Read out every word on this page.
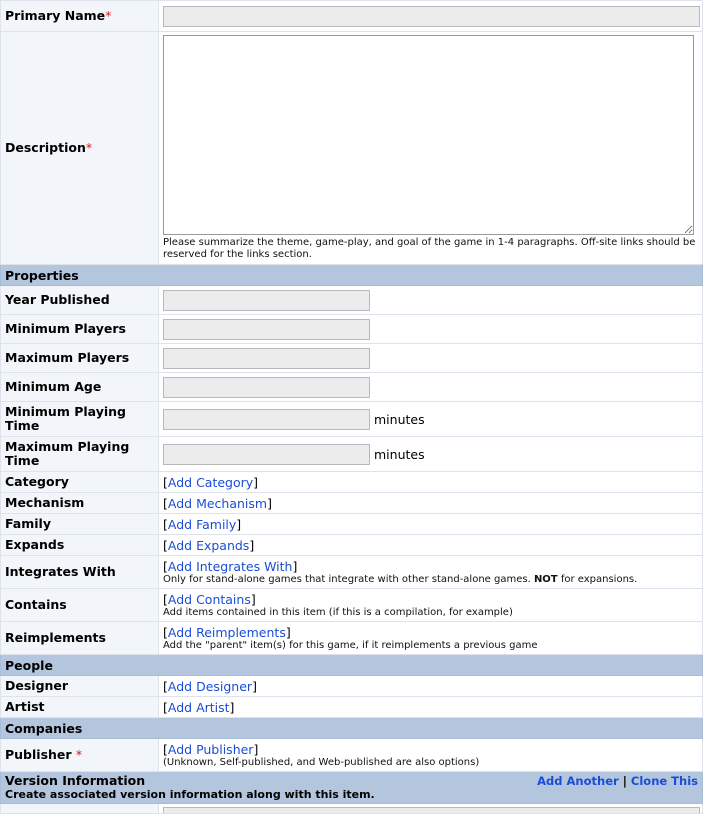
Primary Name*	
Description*	Please summarize the theme, game-play, and goal of the game in 1-4 paragraphs. Off-site links should be reserved for the links section.

Properties	
Year Published	
Minimum Players	
Maximum Players	
Minimum Age	
Minimum Playing Time	minutes
Maximum Playing Time	minutes
Category	[Add Category]
Mechanism	[Add Mechanism]
Family	[Add Family]
Expands	[Add Expands]
Integrates With	[Add Integrates With]
Only for stand-alone games that integrate with other stand-alone games. NOT for expansions.

Contains	[Add Contains]
Add items contained in this item (if this is a compilation, for example)

Reimplements	[Add Reimplements]
Add the "parent" item(s) for this game, if it reimplements a previous game

People	
Designer	[Add Designer]
Artist	[Add Artist]
Companies	
Publisher *	[Add Publisher]
(Unknown, Self-published, and Web-published are also options)

Add Another | Clone This
Version Information
Create associated version information along with this item.	
